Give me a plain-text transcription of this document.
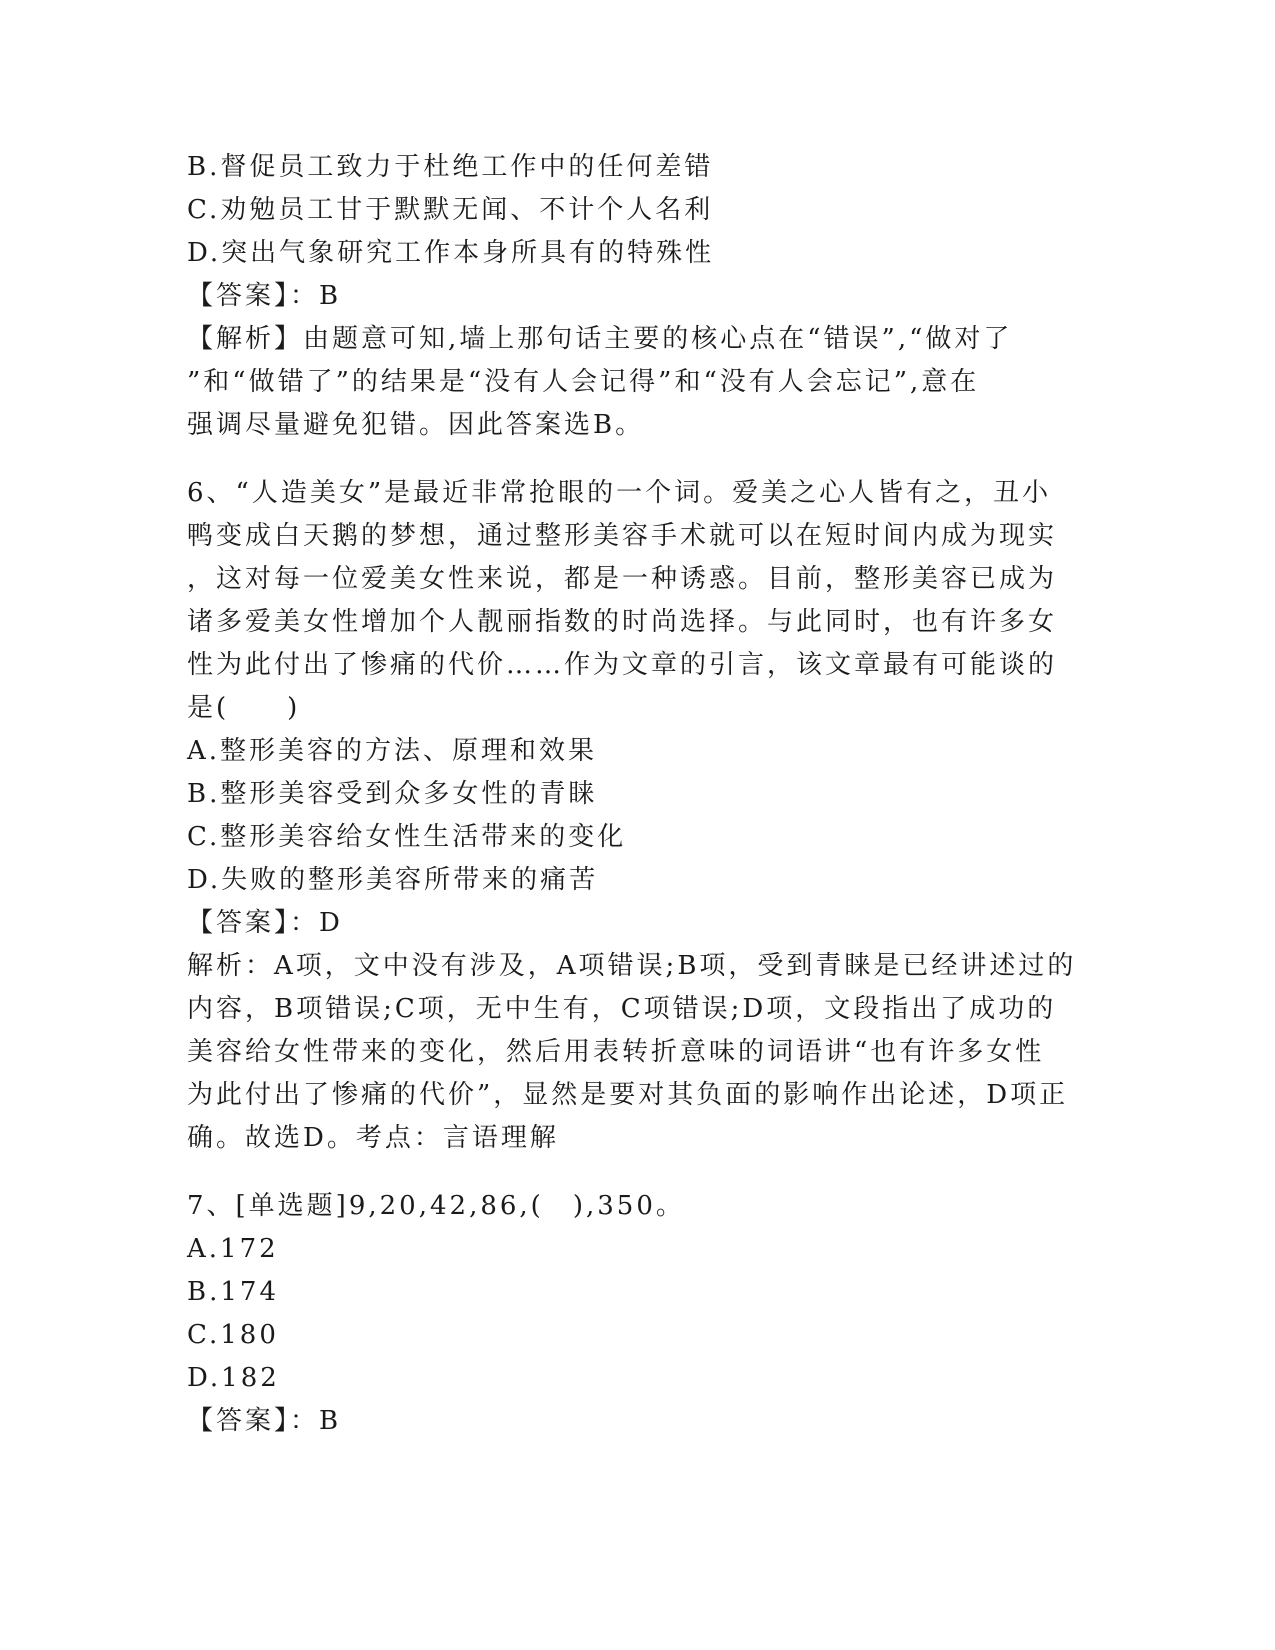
B.督促员工致力于杜绝工作中的任何差错

C.劝勉员工甘于默默无闻、不计个人名利

D.突出气象研究工作本身所具有的特殊性

【答案】：B

【解析】由题意可知,墙上那句话主要的核心点在“错误”,“做对了

”和“做错了”的结果是“没有人会记得”和“没有人会忘记”,意在

强调尽量避免犯错。因此答案选B。

6、“人造美女”是最近非常抢眼的一个词。爱美之心人皆有之，丑小

鸭变成白天鹅的梦想，通过整形美容手术就可以在短时间内成为现实

，这对每一位爱美女性来说，都是一种诱惑。目前，整形美容已成为

诸多爱美女性增加个人靓丽指数的时尚选择。与此同时，也有许多女

性为此付出了惨痛的代价……作为文章的引言，该文章最有可能谈的

是(　　)

A.整形美容的方法、原理和效果

B.整形美容受到众多女性的青睐

C.整形美容给女性生活带来的变化

D.失败的整形美容所带来的痛苦

【答案】：D

解析：A项，文中没有涉及，A项错误;B项，受到青睐是已经讲述过的

内容，B项错误;C项，无中生有，C项错误;D项，文段指出了成功的

美容给女性带来的变化，然后用表转折意味的词语讲“也有许多女性

为此付出了惨痛的代价”，显然是要对其负面的影响作出论述，D项正

确。故选D。考点：言语理解

7、[单选题]9,20,42,86,(　),350。

A.172

B.174

C.180

D.182

【答案】：B
